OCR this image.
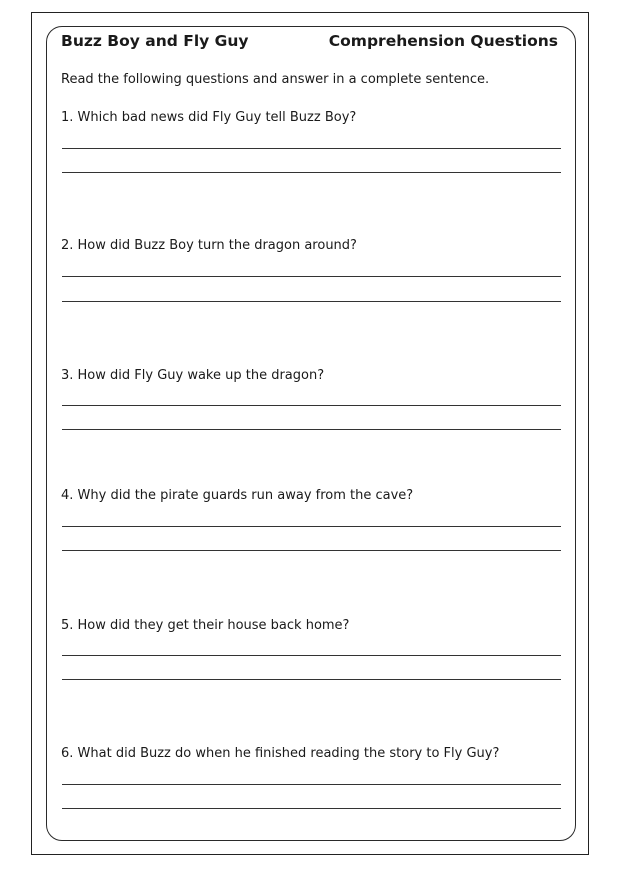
Buzz Boy and Fly Guy	Comprehension Questions
Read the following questions and answer in a complete sentence.
1. Which bad news did Fly Guy tell Buzz Boy?
2. How did Buzz Boy turn the dragon around?
3. How did Fly Guy wake up the dragon?
4. Why did the pirate guards run away from the cave?
5. How did they get their house back home?
6. What did Buzz do when he finished reading the story to Fly Guy?
